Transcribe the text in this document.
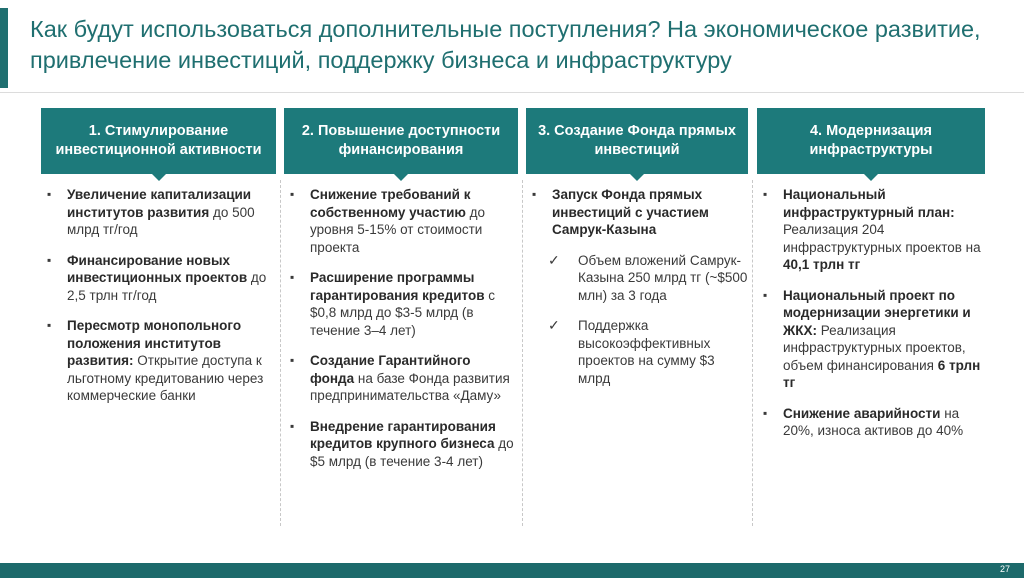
Как будут использоваться дополнительные поступления? На экономическое развитие, привлечение инвестиций, поддержку бизнеса и инфраструктуру
1. Стимулирование инвестиционной активности
▪ Увеличение капитализации институтов развития до 500 млрд тг/год
▪ Финансирование новых инвестиционных проектов до 2,5 трлн тг/год
▪ Пересмотр монопольного положения институтов развития: Открытие доступа к льготному кредитованию через коммерческие банки
2. Повышение доступности финансирования
▪ Снижение требований к собственному участию до уровня 5-15% от стоимости проекта
▪ Расширение программы гарантирования кредитов с $0,8 млрд до $3-5 млрд (в течение 3–4 лет)
▪ Создание Гарантийного фонда на базе Фонда развития предпринимательства «Даму»
▪ Внедрение гарантирования кредитов крупного бизнеса до $5 млрд (в течение 3-4 лет)
3. Создание Фонда прямых инвестиций
▪ Запуск Фонда прямых инвестиций с участием Самрук-Казына
✓ Объем вложений Самрук-Казына 250 млрд тг (~$500 млн) за 3 года
✓ Поддержка высокоэффективных проектов на сумму $3 млрд
4. Модернизация инфраструктуры
▪ Национальный инфраструктурный план: Реализация 204 инфраструктурных проектов на 40,1 трлн тг
▪ Национальный проект по модернизации энергетики и ЖКХ: Реализация инфраструктурных проектов, объем финансирования 6 трлн тг
▪ Снижение аварийности на 20%, износа активов до 40%
27
